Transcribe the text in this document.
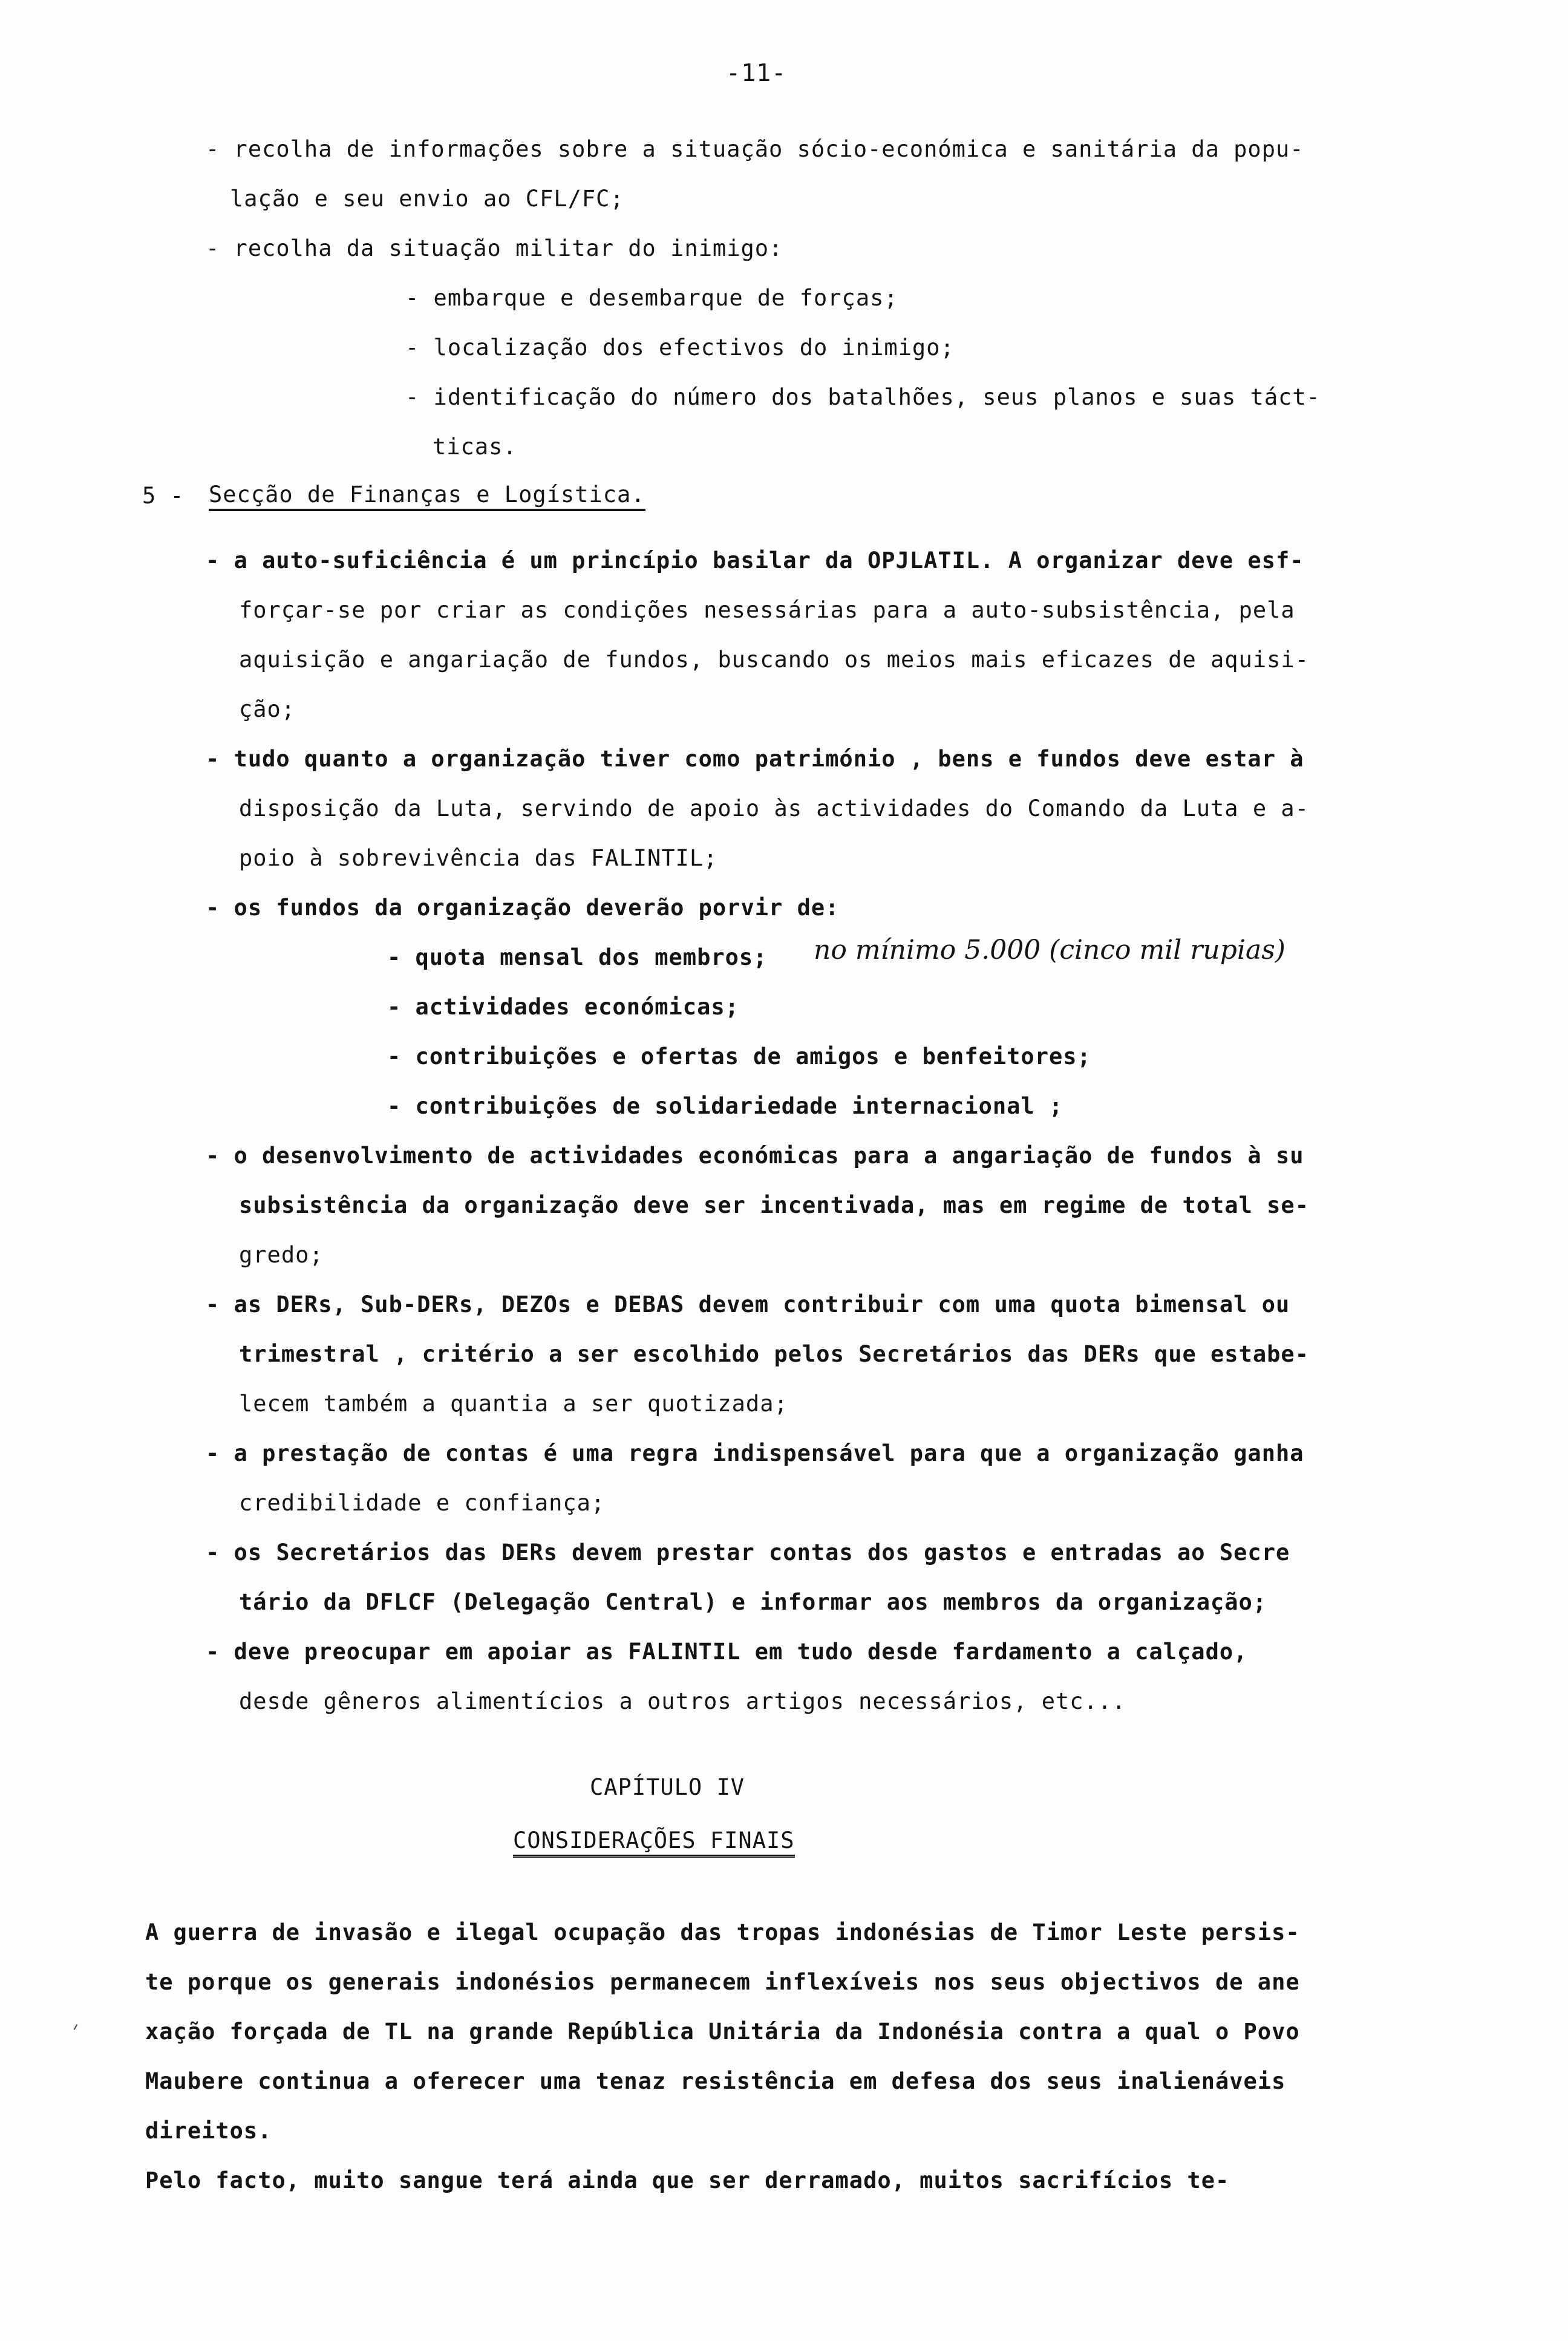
-11-
- recolha de informações sobre a situação sócio-económica e sanitária da popu-
lação e seu envio ao CFL/FC;
- recolha da situação militar do inimigo:
- embarque e desembarque de forças;
- localização dos efectivos do inimigo;
- identificação do número dos batalhões, seus planos e suas táct-
ticas.
5 - Secção de Finanças e Logística.
- a auto-suficiência é um princípio basilar da OPJLATIL. A organizar deve esf-
forçar-se por criar as condições nesessárias para a auto-subsistência, pela
aquisição e angariação de fundos, buscando os meios mais eficazes de aquisi-
ção;
- tudo quanto a organização tiver como património , bens e fundos deve estar à
disposição da Luta, servindo de apoio às actividades do Comando da Luta e a-
poio à sobrevivência das FALINTIL;
- os fundos da organização deverão porvir de:
- quota mensal dos membros; no mínimo 5.000 (cinco mil rupias)
- actividades económicas;
- contribuições e ofertas de amigos e benfeitores;
- contribuições de solidariedade internacional ;
- o desenvolvimento de actividades económicas para a angariação de fundos à su
subsistência da organização deve ser incentivada, mas em regime de total se-
gredo;
- as DERs, Sub-DERs, DEZOs e DEBAS devem contribuir com uma quota bimensal ou
trimestral , critério a ser escolhido pelos Secretários das DERs que estabe-
lecem também a quantia a ser quotizada;
- a prestação de contas é uma regra indispensável para que a organização ganha
credibilidade e confiança;
- os Secretários das DERs devem prestar contas dos gastos e entradas ao Secre
tário da DFLCF (Delegação Central) e informar aos membros da organização;
- deve preocupar em apoiar as FALINTIL em tudo desde fardamento a calçado,
desde gêneros alimentícios a outros artigos necessários, etc...
CAPÍTULO IV
CONSIDERAÇÕES FINAIS
A guerra de invasão e ilegal ocupação das tropas indonésias de Timor Leste persis-
te porque os generais indonésios permanecem inflexíveis nos seus objectivos de ane
xação forçada de TL na grande República Unitária da Indonésia contra a qual o Povo
Maubere continua a oferecer uma tenaz resistência em defesa dos seus inalienáveis
direitos.
Pelo facto, muito sangue terá ainda que ser derramado, muitos sacrifícios te-
